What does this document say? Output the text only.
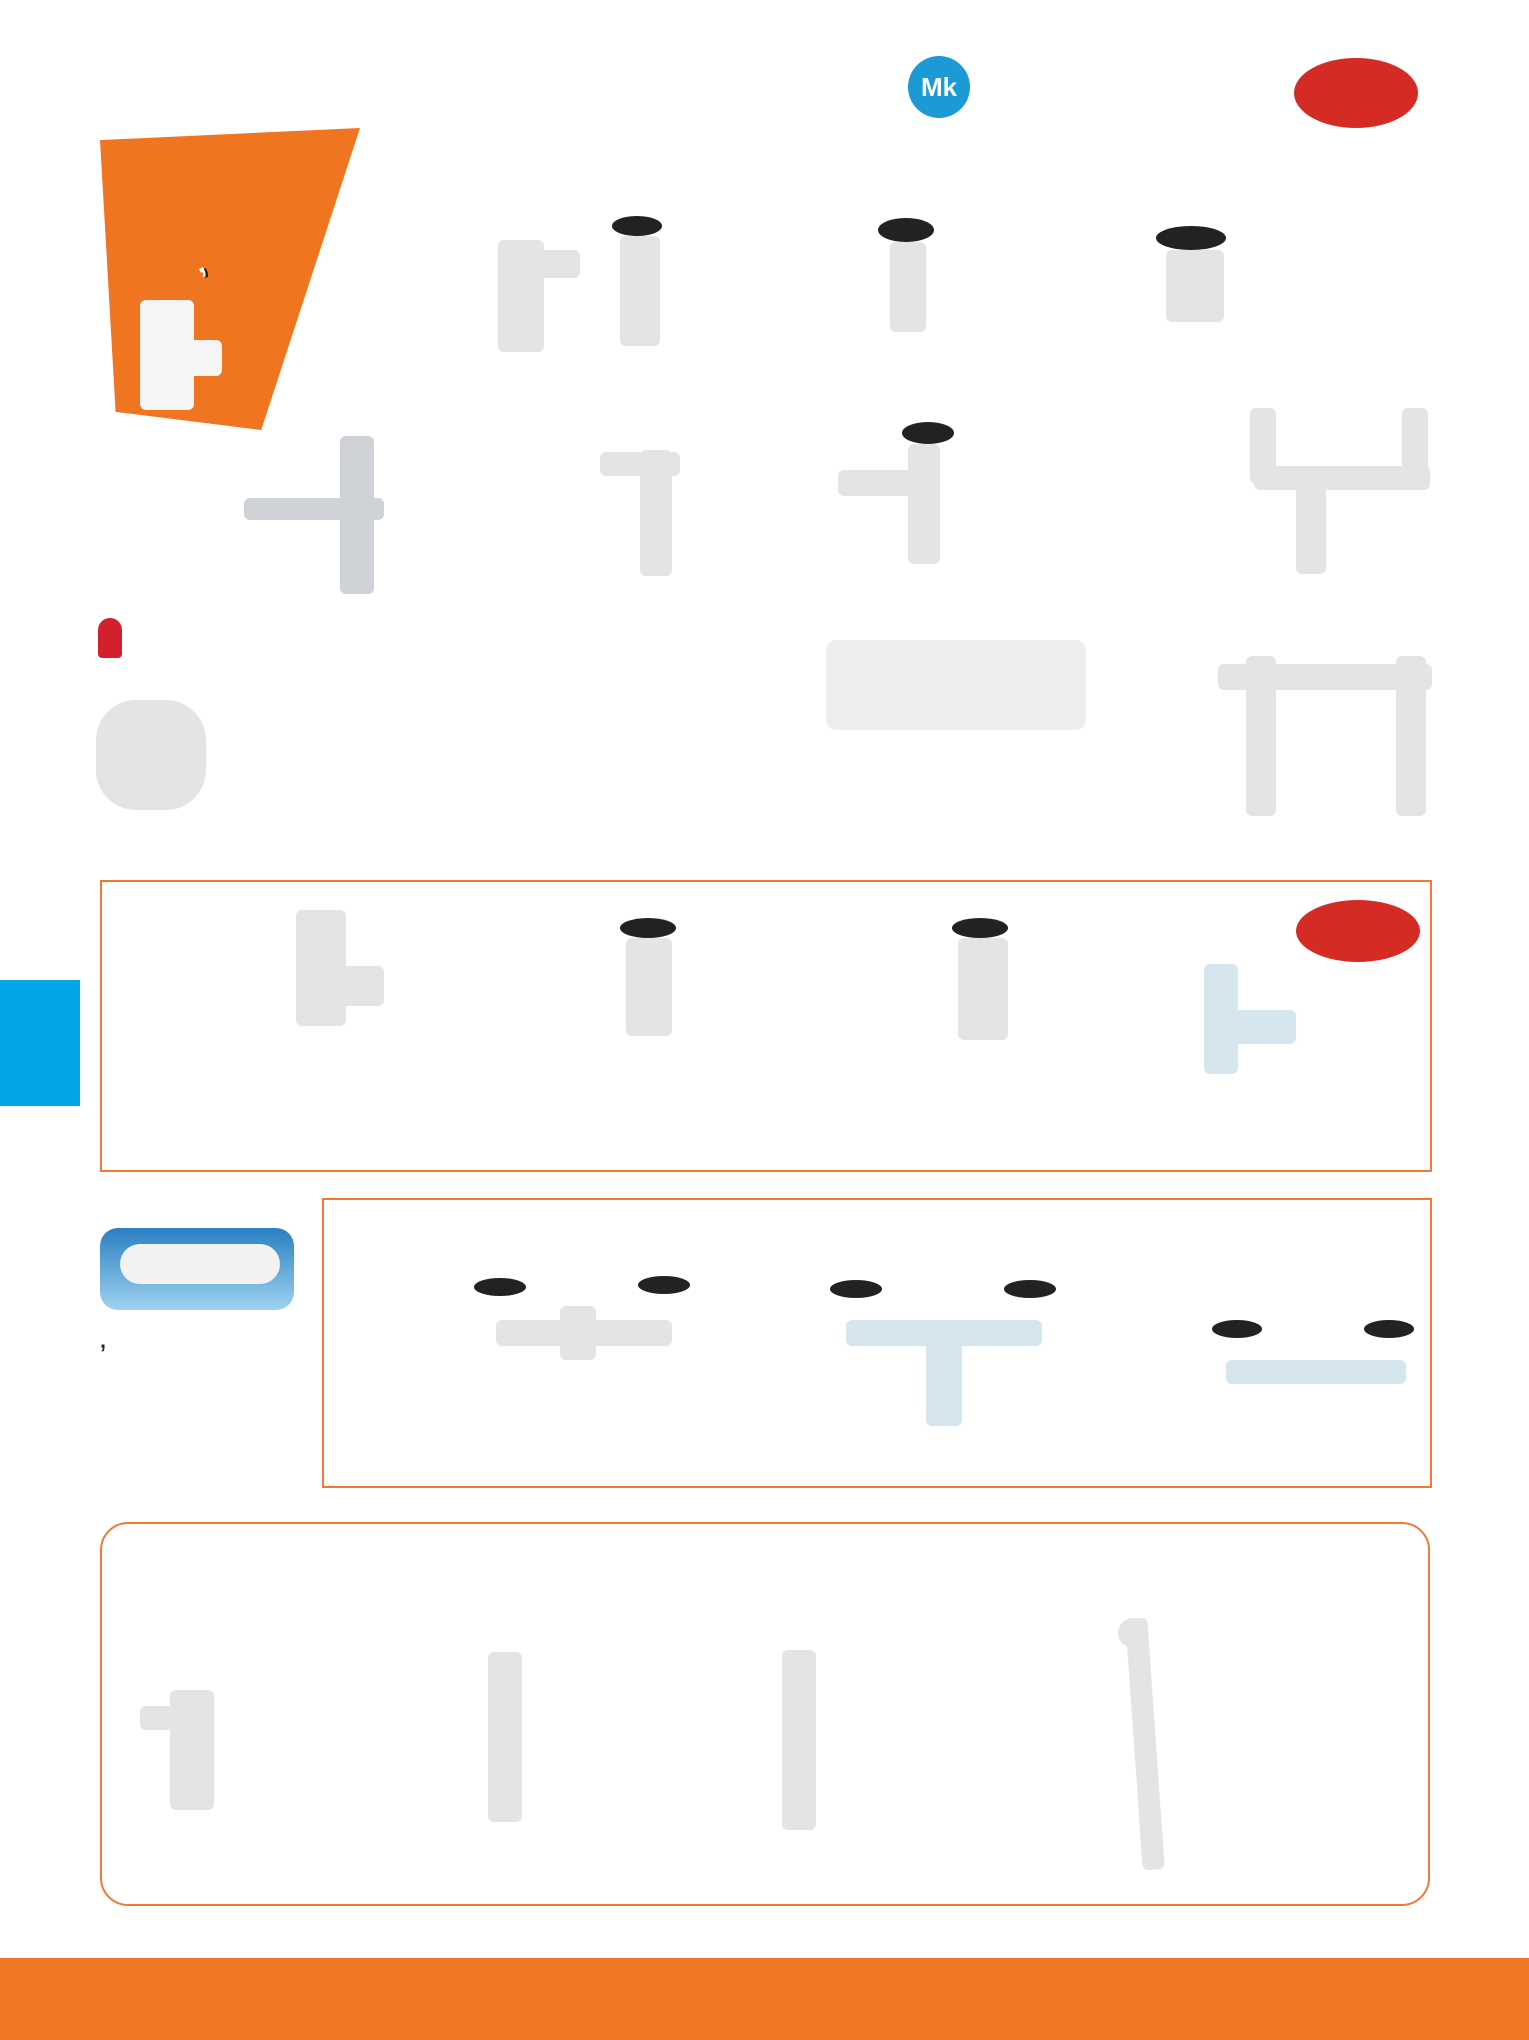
Mk
’

’
